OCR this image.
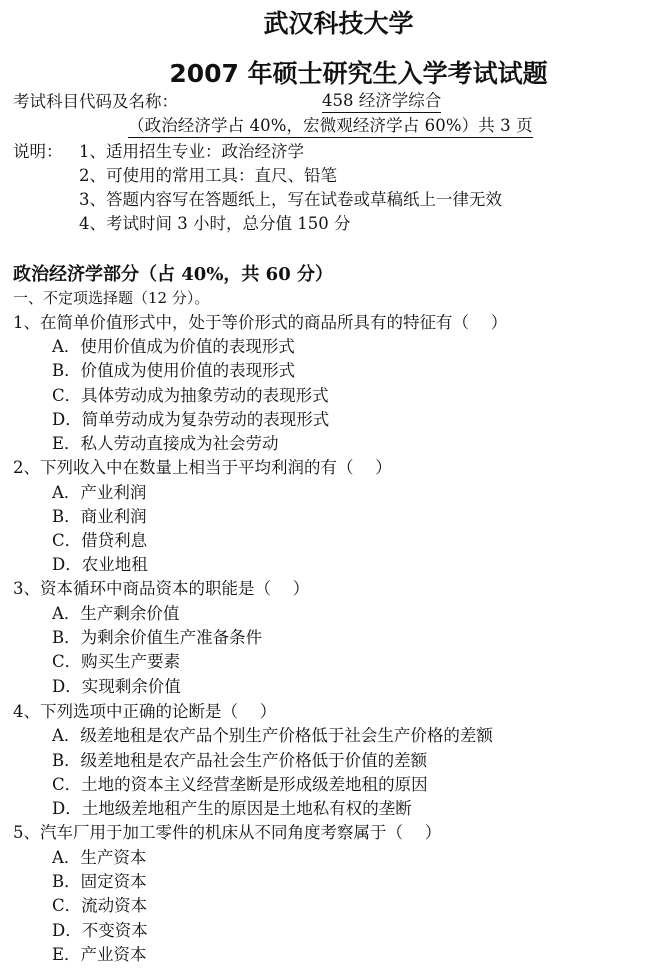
武汉科技大学
2007 年硕士研究生入学考试试题
考试科目代码及名称：	458 经济学综合
（政治经济学占 40%，宏微观经济学占 60%）共 3 页
说明： 1、适用招生专业：政治经济学
2、可使用的常用工具：直尺、铅笔
3、答题内容写在答题纸上，写在试卷或草稿纸上一律无效
4、考试时间 3 小时，总分值 150 分
政治经济学部分（占 40%，共 60 分）
一、不定项选择题（12 分）。
1、在简单价值形式中，处于等价形式的商品所具有的特征有（　 ）
A．使用价值成为价值的表现形式
B．价值成为使用价值的表现形式
C．具体劳动成为抽象劳动的表现形式
D．简单劳动成为复杂劳动的表现形式
E．私人劳动直接成为社会劳动
2、下列收入中在数量上相当于平均利润的有（　 ）
A．产业利润
B．商业利润
C．借贷利息
D．农业地租
3、资本循环中商品资本的职能是（　 ）
A．生产剩余价值
B．为剩余价值生产准备条件
C．购买生产要素
D．实现剩余价值
4、下列选项中正确的论断是（　 ）
A．级差地租是农产品个别生产价格低于社会生产价格的差额
B．级差地租是农产品社会生产价格低于价值的差额
C．土地的资本主义经营垄断是形成级差地租的原因
D．土地级差地租产生的原因是土地私有权的垄断
5、汽车厂用于加工零件的机床从不同角度考察属于（　 ）
A．生产资本
B．固定资本
C．流动资本
D．不变资本
E．产业资本
